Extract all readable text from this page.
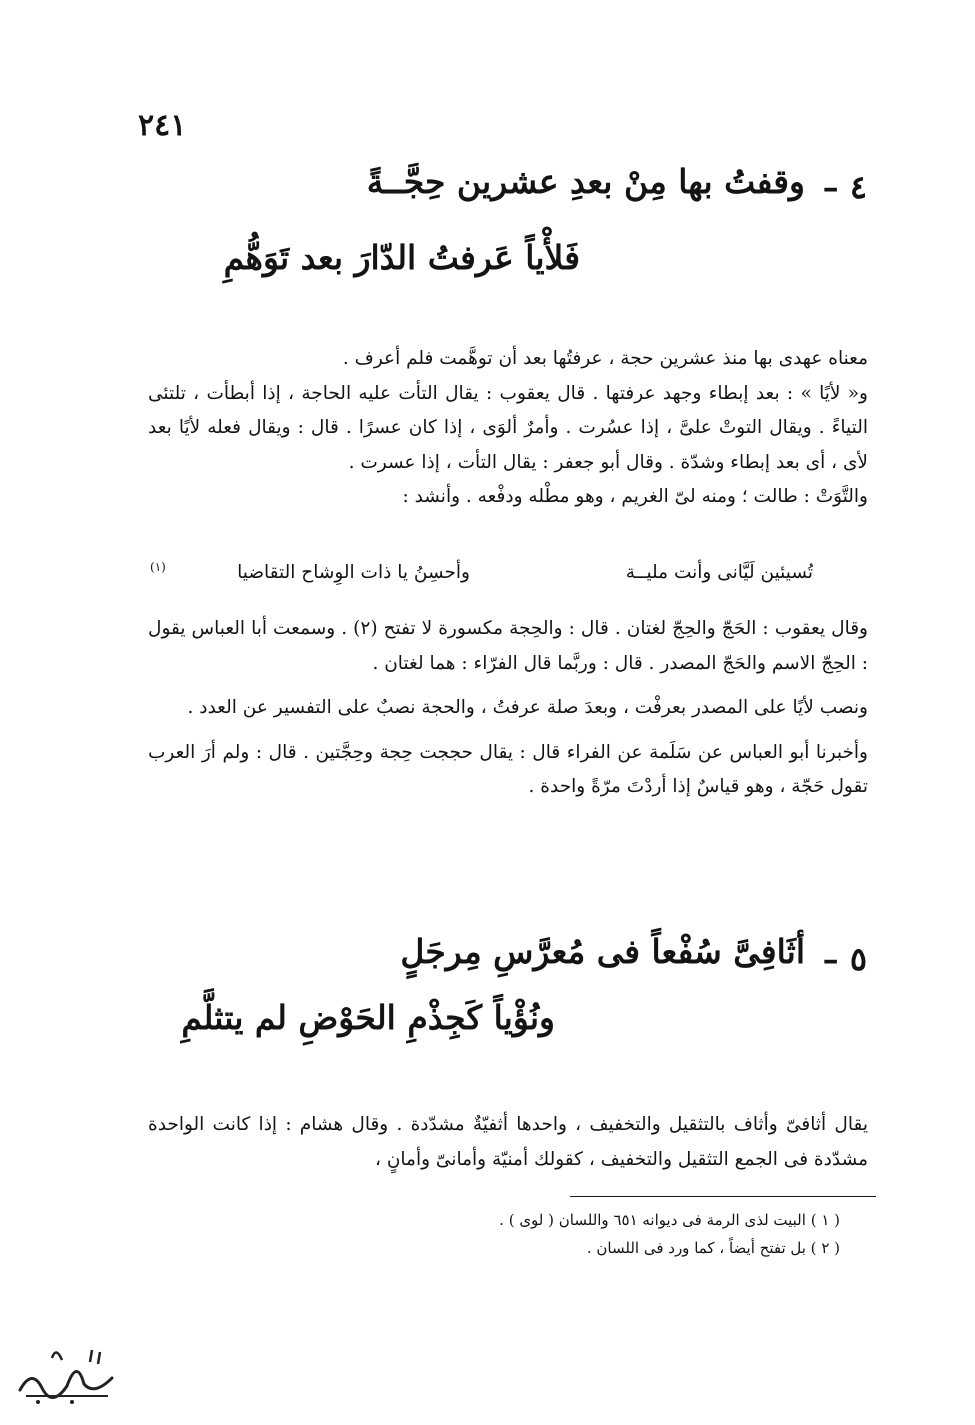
٢٤١
٤ –
وقفتُ بها مِنْ بعدِ عشرين حِجَّــةً
فَلأْياً عَرفتُ الدّارَ بعد تَوَهُّمِ

معناه عهدى بها منذ عشرين حجة ، عرفتُها بعد أن توهَّمت فلم أعرف .

و« لأيًا » : بعد إبطاء وجهد عرفتها . قال يعقوب : يقال التأت عليه الحاجة ، إذا أبطأت ، تلتئى التياءً . ويقال التوتْ علىَّ ، إذا عسُرت . وأمرٌ ألوَى ، إذا كان عسرًا . قال : ويقال فعله لأيًا بعد لأى ، أى بعد إبطاء وشدّة . وقال أبو جعفر : يقال التأت ، إذا عسرت .

والتَّوَتْ : طالت ؛ ومنه لىّ الغريم ، وهو مطْله ودفْعه . وأنشد :

تُسيئين لَيَّانى وأنت مليــة
وأحسِنُ يا ذات الوِشاح التقاضيا
(١)

وقال يعقوب : الحَجّ والحِجّ لغتان . قال : والحِجة مكسورة لا تفتح (٢) . وسمعت أبا العباس يقول : الحِجّ الاسم والحَجّ المصدر . قال : وربَّما قال الفرّاء : هما لغتان .

ونصب لأيًا على المصدر بعرفْت ، وبعدَ صلة عرفتُ ، والحجة نصبٌ على التفسير عن العدد .

وأخبرنا أبو العباس عن سَلَمة عن الفراء قال : يقال حججت حِجة وحِجَّتين . قال : ولم أرَ العرب تقول حَجّة ، وهو قياسٌ إذا أردْتَ مرّةً واحدة .

٥ –
أثَافِىَّ سُفْعاً فى مُعرَّسِ مِرجَلٍ
ونُؤْياً كَجِذْمِ الحَوْضِ لم يتثلَّمِ

يقال أثافىّ وأثاف بالتثقيل والتخفيف ، واحدها أثفيّةٌ مشدّدة . وقال هشام : إذا كانت الواحدة مشدّدة فى الجمع التثقيل والتخفيف ، كقولك أمنيّة وأمانىّ وأمانٍ ،

( ١ ) البيت لذى الرمة فى ديوانه ٦٥١ واللسان ( لوى ) .
( ٢ ) بل تفتح أيضاً ، كما ورد فى اللسان .
